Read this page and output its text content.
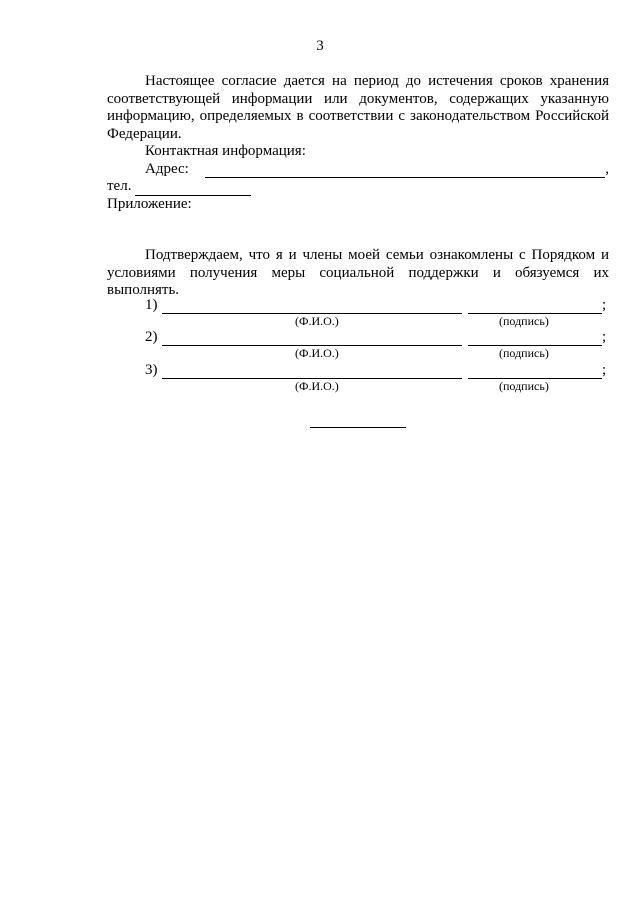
3
Настоящее согласие дается на период до истечения сроков хранения
соответствующей информации или документов, содержащих указанную
информацию, определяемых в соответствии с законодательством Российской
Федерации.
Контактная информация:
Адрес:	,
тел.
Приложение:
Подтверждаем, что я и члены моей семьи ознакомлены с Порядком и
условиями получения меры социальной поддержки и обязуемся их
выполнять.
1)	;
(Ф.И.О.)	(подпись)
2)	;
(Ф.И.О.)	(подпись)
3)	;
(Ф.И.О.)	(подпись)
